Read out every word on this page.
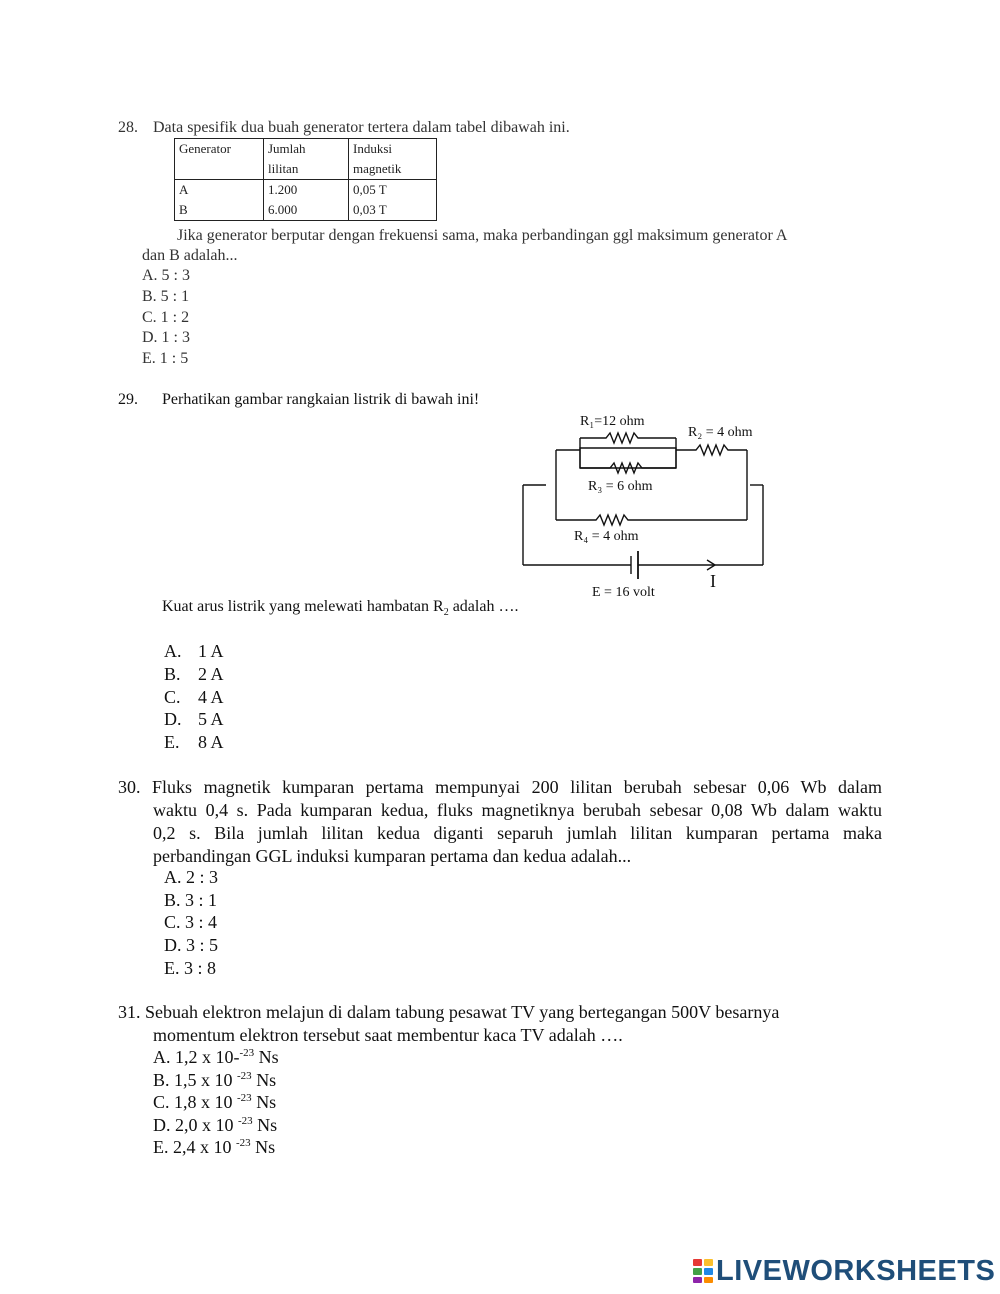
28. Data spesifik dua buah generator tertera dalam tabel dibawah ini.
Generator	Jumlah	Induksi
	lilitan	magnetik
A	1.200	0,05 T
B	6.000	0,03 T
Jika generator berputar dengan frekuensi sama, maka perbandingan ggl maksimum generator A
dan B adalah...
A. 5 : 3
B. 5 : 1
C. 1 : 2
D. 1 : 3
E. 1 : 5
29. Perhatikan gambar rangkaian listrik di bawah ini!
R₁=12 ohm
R₂ = 4 ohm
R₃ = 6 ohm
R₄ = 4 ohm
E = 16 volt
I
Kuat arus listrik yang melewati hambatan $R_2$ adalah ….
A. 1 A
B. 2 A
C. 4 A
D. 5 A
E. 8 A
30. Fluks magnetik kumparan pertama mempunyai 200 lilitan berubah sebesar 0,06 Wb dalam
waktu 0,4 s. Pada kumparan kedua, fluks magnetiknya berubah sebesar 0,08 Wb dalam waktu
0,2 s. Bila jumlah lilitan kedua diganti separuh jumlah lilitan kumparan pertama maka
perbandingan GGL induksi kumparan pertama dan kedua adalah...
A. 2 : 3
B. 3 : 1
C. 3 : 4
D. 3 : 5
E. 3 : 8
31. Sebuah elektron melajun di dalam tabung pesawat TV yang bertegangan 500V besarnya
momentum elektron tersebut saat membentur kaca TV adalah ….
A. 1,2 x 10-$^{-23}$ Ns
B. 1,5 x 10 $^{-23}$ Ns
C. 1,8 x 10 $^{-23}$ Ns
D. 2,0 x 10 $^{-23}$ Ns
E. 2,4 x 10 $^{-23}$ Ns
LIVEWORKSHEETS
